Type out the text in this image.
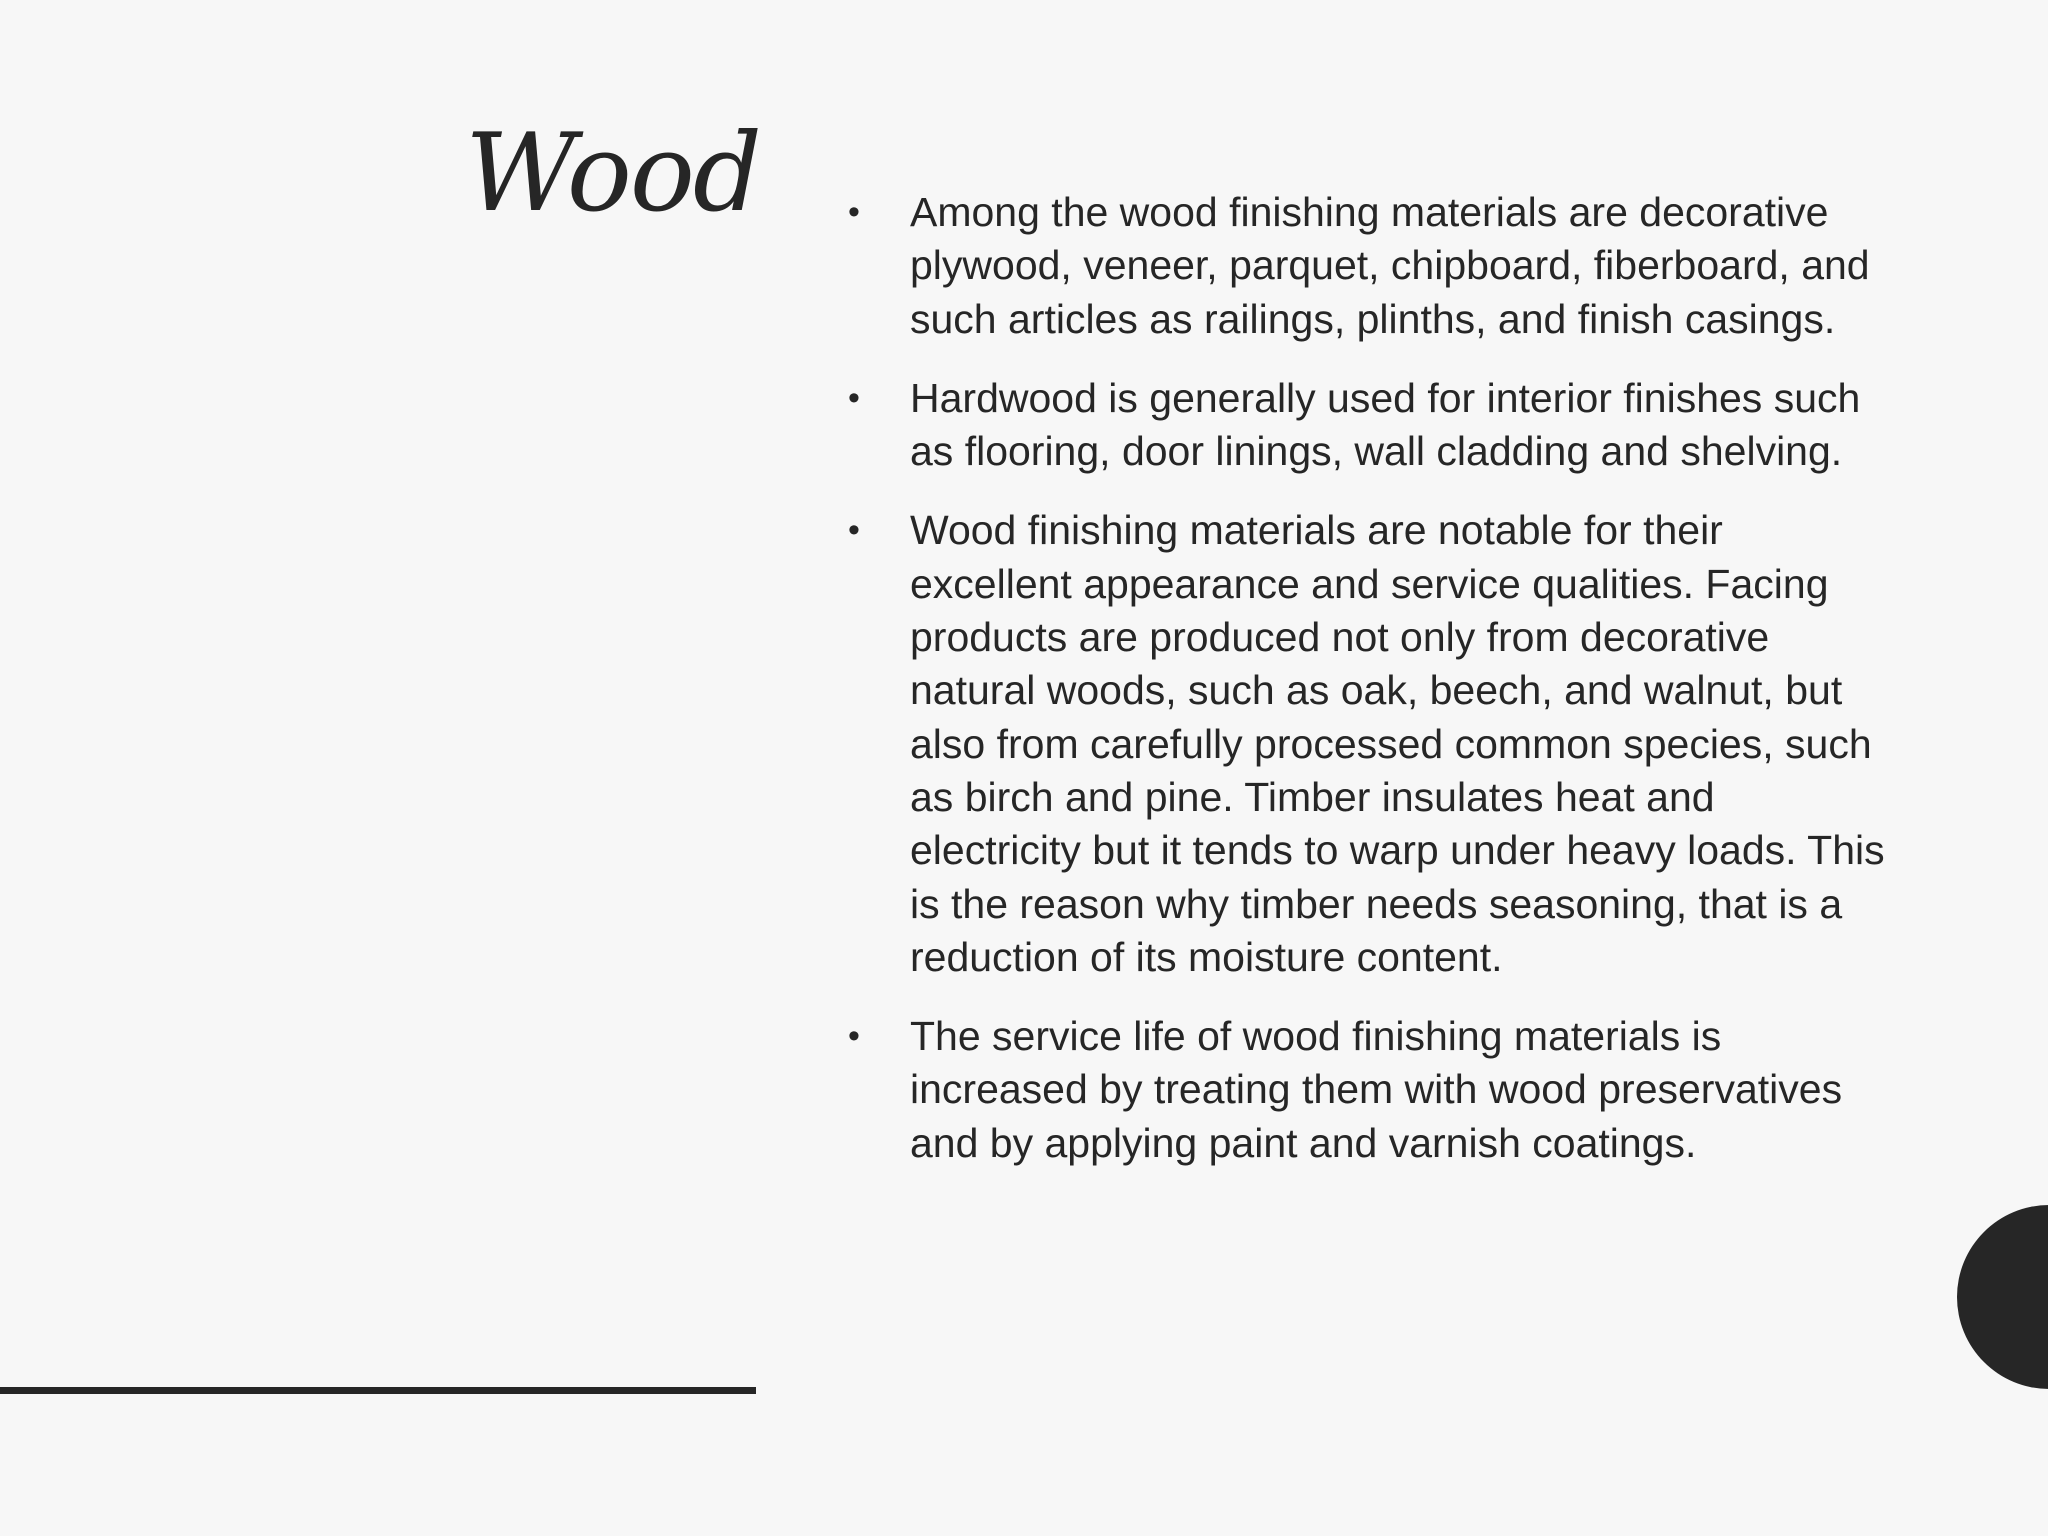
Wood	• Among the wood finishing materials are decorative plywood, veneer, parquet, chipboard, fiberboard, and such articles as railings, plinths, and finish casings.
• Hardwood is generally used for interior finishes such as flooring, door linings, wall cladding and shelving.
• Wood finishing materials are notable for their excellent appearance and service qualities. Facing products are produced not only from decorative natural woods, such as oak, beech, and walnut, but also from carefully processed common species, such as birch and pine. Timber insulates heat and electricity but it tends to warp under heavy loads. This is the reason why timber needs seasoning, that is a reduction of its moisture content.
• The service life of wood finishing materials is increased by treating them with wood preservatives and by applying paint and varnish coatings.
